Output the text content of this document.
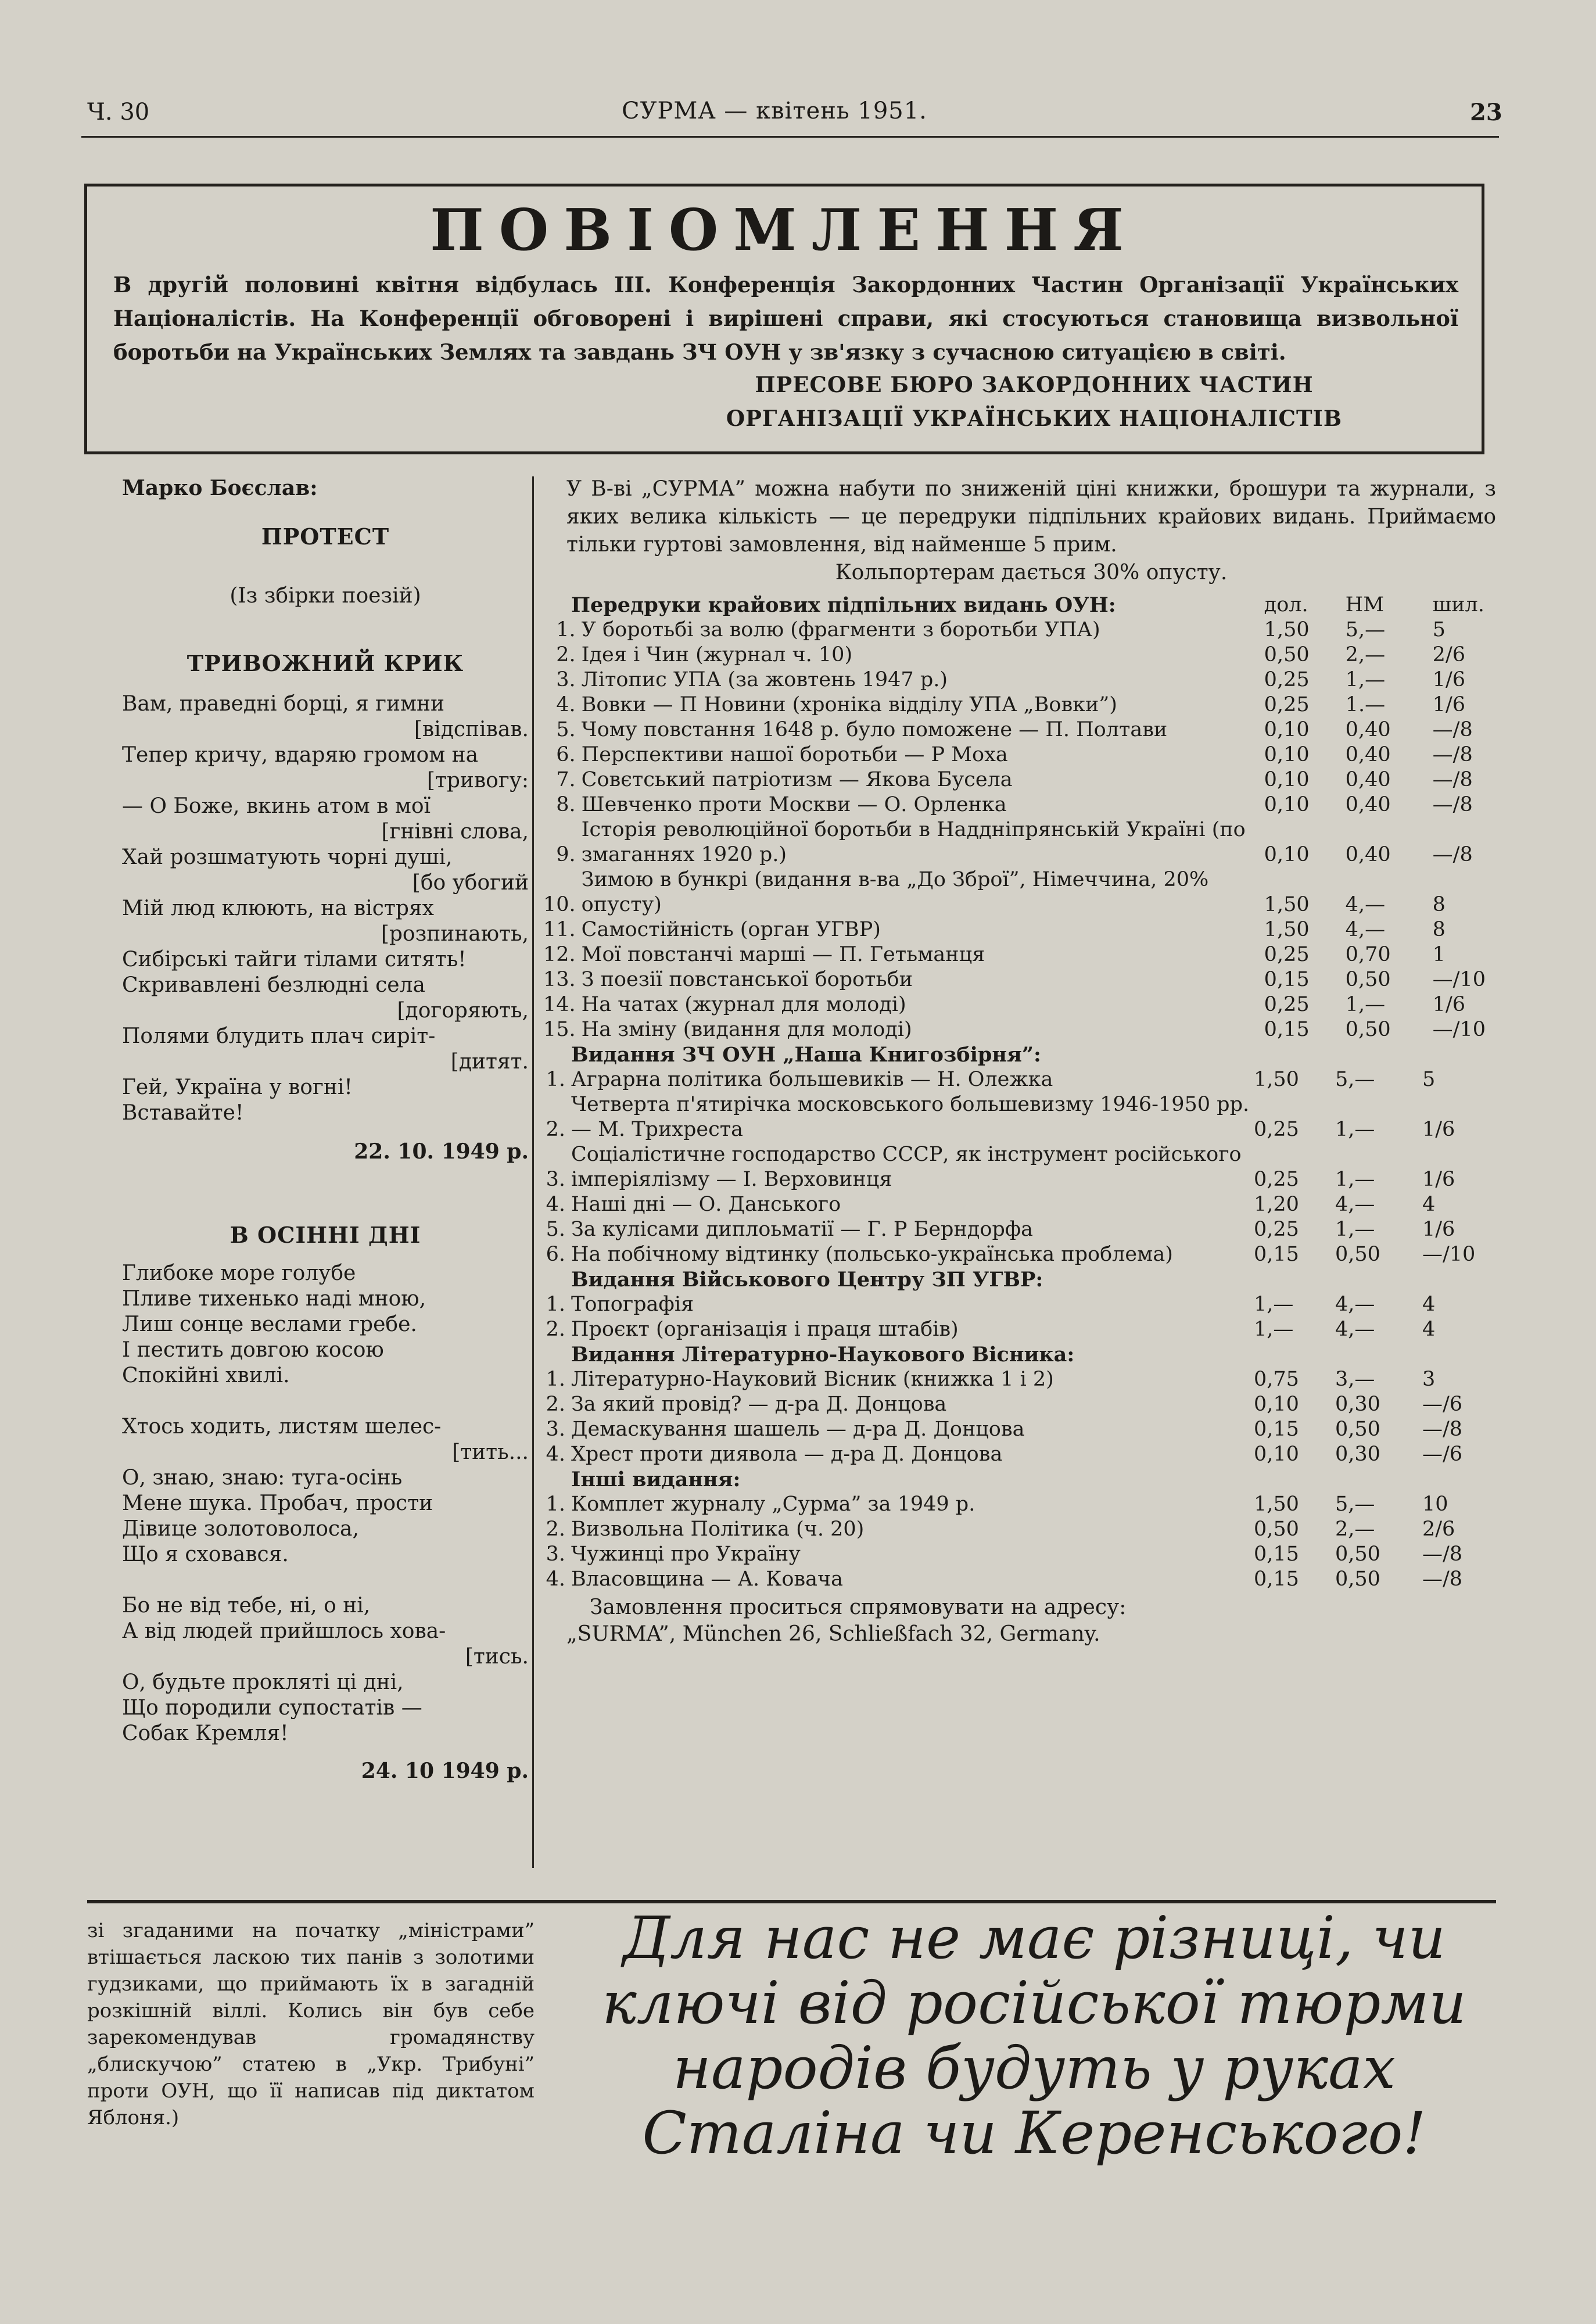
Ч. 30	СУРМА — квітень 1951.	23
ПОВІОМЛЕННЯ
В другій половині квітня відбулась III. Конференція Закордонних Частин Організації Українських Націоналістів. На Конференції обговорені і вирішені справи, які стосуються становища визвольної боротьби на Українських Землях та завдань ЗЧ ОУН у зв'язку з сучасною ситуацією в світі.
ПРЕСОВЕ БЮРО ЗАКОРДОННИХ ЧАСТИН
ОРГАНІЗАЦІЇ УКРАЇНСЬКИХ НАЦІОНАЛІСТІВ
Марко Боєслав:
ПРОТЕСТ
(Із збірки поезій)
ТРИВОЖНИЙ КРИК
Вам, праведні борці, я гимни
[відспівав.
Тепер кричу, вдаряю громом на
[тривогу:
— О Боже, вкинь атом в мої
[гнівні слова,
Хай розшматують чорні душі,
[бо убогий
Мій люд клюють, на вістрях
[розпинають,
Сибірські тайги тілами ситять!
Скривавлені безлюдні села
[догоряють,
Полями блудить плач сиріт-
[дитят.
Гей, Україна у вогні!
Вставайте!
22. 10. 1949 р.
В ОСІННІ ДНІ
Глибоке море голубе
Пливе тихенько наді мною,
Лиш сонце веслами гребе.
І пестить довгою косою
Спокійні хвилі.
Хтось ходить, листям шелес-
[тить...
О, знаю, знаю: туга-осінь
Мене шука. Пробач, прости
Дівице золотоволоса,
Що я сховався.
Бо не від тебе, ні, о ні,
А від людей прийшлось хова-
[тись.
О, будьте прокляті ці дні,
Що породили супостатів —
Собак Кремля!
24. 10 1949 р.
У В-ві „СУРМА” можна набути по зниженій ціні книжки, брошури та журнали, з яких велика кількість — це передруки підпільних крайових видань. Приймаємо тільки гуртові замовлення, від найменше 5 прим.
Кольпортерам дається 30% опусту.
Передруки крайових підпільних видань ОУН:		дол.	НМ	шил.
1.	У боротьбі за волю (фрагменти з боротьби УПА)	1,50	5,—	5
2.	Ідея і Чин (журнал ч. 10)	0,50	2,—	2/6
3.	Літопис УПА (за жовтень 1947 р.)	0,25	1,—	1/6
4.	Вовки — П Новини (хроніка відділу УПА „Вовки”)	0,25	1.—	1/6
5.	Чому повстання 1648 р. було поможене — П. Полтави	0,10	0,40	—/8
6.	Перспективи нашої боротьби — Р Моха	0,10	0,40	—/8
7.	Совєтський патріотизм — Якова Бусела	0,10	0,40	—/8
8.	Шевченко проти Москви — О. Орленка	0,10	0,40	—/8
9.	Історія революційної боротьби в Наддніпрянській Україні (по змаганнях 1920 р.)	0,10	0,40	—/8
10.	Зимою в бункрі (видання в-ва „До Зброї”, Німеччина, 20% опусту)	1,50	4,—	8
11.	Самостійність (орган УГВР)	1,50	4,—	8
12.	Мої повстанчі марші — П. Гетьманця	0,25	0,70	1
13.	З поезії повстанської боротьби	0,15	0,50	—/10
14.	На чатах (журнал для молоді)	0,25	1,—	1/6
15.	На зміну (видання для молоді)	0,15	0,50	—/10
Видання ЗЧ ОУН „Наша Книгозбірня”:				
1.	Аграрна політика большевиків — Н. Олежка	1,50	5,—	5
2.	Четверта п'ятирічка московського большевизму 1946-1950 рр. — М. Трихреста	0,25	1,—	1/6
3.	Соціалістичне господарство СССР, як інструмент російського імперіялізму — І. Верховинця	0,25	1,—	1/6
4.	Наші дні — О. Данського	1,20	4,—	4
5.	За кулісами диплоьматії — Г. Р Берндорфа	0,25	1,—	1/6
6.	На побічному відтинку (польсько-українська проблема)	0,15	0,50	—/10
Видання Військового Центру ЗП УГВР:				
1.	Топографія	1,—	4,—	4
2.	Проєкт (організація і праця штабів)	1,—	4,—	4
Видання Літературно-Наукового Вісника:				
1.	Літературно-Науковий Вісник (книжка 1 і 2)	0,75	3,—	3
2.	За який провід? — д-ра Д. Донцова	0,10	0,30	—/6
3.	Демаскування шашель — д-ра Д. Донцова	0,15	0,50	—/8
4.	Хрест проти диявола — д-ра Д. Донцова	0,10	0,30	—/6
Інші видання:				
1.	Комплет журналу „Сурма” за 1949 р.	1,50	5,—	10
2.	Визвольна Політика (ч. 20)	0,50	2,—	2/6
3.	Чужинці про Україну	0,15	0,50	—/8
4.	Власовщина — А. Ковача	0,15	0,50	—/8
Замовлення проситься спрямовувати на адресу:
„SURMA”, München 26, Schließfach 32, Germany.
зі згаданими на початку „міністрами” втішається ласкою тих панів з золотими гудзиками, що приймають їх в загадній розкішній віллі. Колись він був себе зарекомендував громадянству „блискучою” статею в „Укр. Трибуні” проти ОУН, що її написав під диктатом Яблоня.)
Для нас не має різниці, чи
ключі від російської тюрми
народів будуть у руках
Сталіна чи Керенського!
